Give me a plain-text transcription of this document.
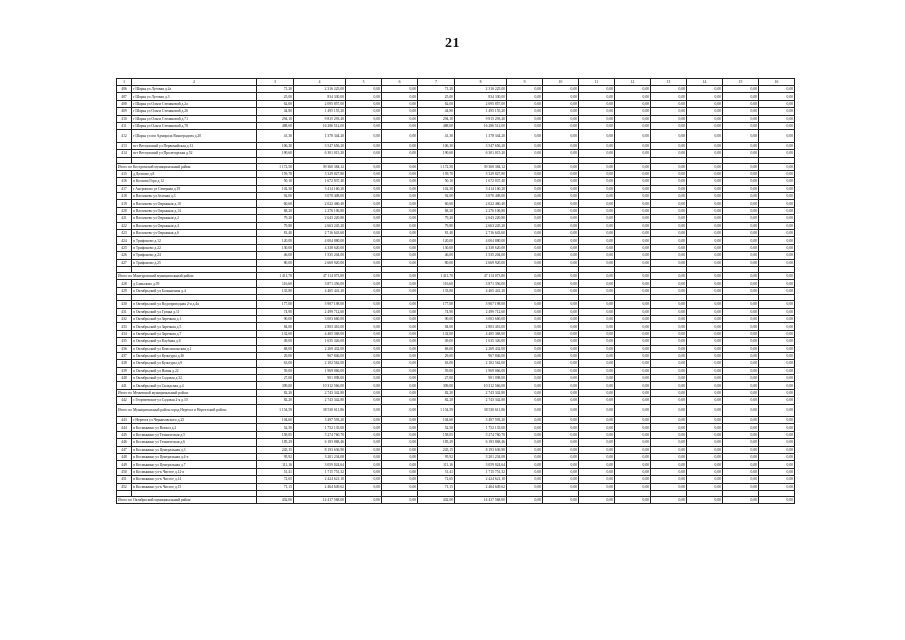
21
1	2	3	4	5	6	7	8	9	10	11	12	13	14	15	16
406	г Шарья ул Луговая д.2а	71,20	2 316 225,00	0,00	0,00	71,20	2 316 225,00	0,00	0,00	0,00	0,00	0,00	0,00	0,00	0,00
407	г Шарья ул Луговая д.3	25,00	834 330,00	0,00	0,00	25,00	834 330,00	0,00	0,00	0,00	0,00	0,00	0,00	0,00	0,00
408	г Шарья ул Ольги Степановой д.2а	62,00	2 095 857,00	0,00	0,00	62,00	2 095 857,00	0,00	0,00	0,00	0,00	0,00	0,00	0,00	0,00
409	г Шарья ул Ольги Степановой д.26	44,80	1 495 155,20	0,00	0,00	44,80	1 495 155,20	0,00	0,00	0,00	0,00	0,00	0,00	0,00	0,00
410	г Шарья ул Ольги Степановой д.71	294,10	9 815 293,40	0,00	0,00	294,10	9 815 293,40	0,00	0,00	0,00	0,00	0,00	0,00	0,00	0,00
411	г Шарья ул Ольги Степановой д.78	488,00	16 286 512,00	0,00	0,00	488,00	16 286 512,00	0,00	0,00	0,00	0,00	0,00	0,00	0,00	0,00
412	г Шарья ул им Адмирала Виноградова д.20	41,30	1 378 344,20	0,00	0,00	41,30	1 378 344,20	0,00	0,00	0,00	0,00	0,00	0,00	0,00	0,00
413	пгт Ветлужский ул Первомайская д.31	106,30	3 547 656,20	0,00	0,00	106,30	3 547 656,20	0,00	0,00	0,00	0,00	0,00	0,00	0,00	0,00
414	пгт Ветлужский ул Пролетарская д.52	190,60	6 301 015,20	0,00	0,00	190,60	6 301 015,20	0,00	0,00	0,00	0,00	0,00	0,00	0,00	0,00

Итого по Костромской муниципальный район:		1 172,50	39 360 384,12	0,00	0,00	1 172,50	39 360 384,12	0,00	0,00	0,00	0,00	0,00	0,00	0,00	0,00
415	д Долгово д.8	159,70	5 329 827,80	0,00	0,00	159,70	5 329 827,80	0,00	0,00	0,00	0,00	0,00	0,00	0,00	0,00
416	п Козлова Гора д.12	50,10	1 672 037,40	0,00	0,00	50,10	1 672 037,40	0,00	0,00	0,00	0,00	0,00	0,00	0,00	0,00
417	г Антропово ул Северная д.19	102,30	3 414 160,20	0,00	0,00	102,30	3 414 160,20	0,00	0,00	0,00	0,00	0,00	0,00	0,00	0,00
418	п Васильево ул Зеленая д.3	92,00	3 070 408,00	0,00	0,00	92,00	3 070 408,00	0,00	0,00	0,00	0,00	0,00	0,00	0,00	0,00
419	п Васильево ул Овражная д.10	60,60	2 022 460,40	0,00	0,00	60,60	2 022 460,40	0,00	0,00	0,00	0,00	0,00	0,00	0,00	0,00
420	п Васильево ул Овражная д.14	68,20	2 276 106,80	0,00	0,00	68,20	2 276 106,80	0,00	0,00	0,00	0,00	0,00	0,00	0,00	0,00
421	п Васильево ул Овражная д.2	79,20	2 643 220,80	0,00	0,00	79,20	2 643 220,80	0,00	0,00	0,00	0,00	0,00	0,00	0,00	0,00
422	п Васильево ул Овражная д.4	79,80	2 663 245,20	0,00	0,00	79,80	2 663 245,20	0,00	0,00	0,00	0,00	0,00	0,00	0,00	0,00
423	п Васильево ул Овражная д.6	81,40	2 716 643,60	0,00	0,00	81,40	2 716 643,60	0,00	0,00	0,00	0,00	0,00	0,00	0,00	0,00
424	п Трифоново д.12	120,00	4 004 880,00	0,00	0,00	120,00	4 004 880,00	0,00	0,00	0,00	0,00	0,00	0,00	0,00	0,00
425	п Трифоново д.22	130,00	4 338 620,00	0,00	0,00	130,00	4 338 620,00	0,00	0,00	0,00	0,00	0,00	0,00	0,00	0,00
426	п Трифоново д.24	46,00	1 535 204,00	0,00	0,00	46,00	1 535 204,00	0,00	0,00	0,00	0,00	0,00	0,00	0,00	0,00
427	п Трифоново д.25	80,00	2 669 920,00	0,00	0,00	80,00	2 669 920,00	0,00	0,00	0,00	0,00	0,00	0,00	0,00	0,00

Итого по Мантуровский муниципальный район:		1 411,70	47 114 073,80	0,00	0,00	1 411,70	47 114 073,80	0,00	0,00	0,00	0,00	0,00	0,00	0,00	0,00
428	д Самылово д.59	116,60	3 871 356,00	0,00	0,00	116,60	3 871 356,00	0,00	0,00	0,00	0,00	0,00	0,00	0,00	0,00
429	п Октябрьский ул Больничная д.4	133,80	4 465 441,20	0,00	0,00	133,80	4 465 441,20	0,00	0,00	0,00	0,00	0,00	0,00	0,00	0,00

430	п Октябрьский ул Водопроводная 2-я д.4а	177,00	5 907 198,00	0,00	0,00	177,00	5 907 198,00	0,00	0,00	0,00	0,00	0,00	0,00	0,00	0,00
431	п Октябрьский ул Гуляка д.11	74,90	2 499 712,60	0,00	0,00	74,90	2 499 712,60	0,00	0,00	0,00	0,00	0,00	0,00	0,00	0,00
432	п Октябрьский ул Заречная д.1	90,00	3 003 660,00	0,00	0,00	90,00	3 003 660,00	0,00	0,00	0,00	0,00	0,00	0,00	0,00	0,00
433	п Октябрьский ул Заречная д.5	84,00	2 803 416,00	0,00	0,00	84,00	2 803 416,00	0,00	0,00	0,00	0,00	0,00	0,00	0,00	0,00
434	п Октябрьский ул Заречная д.7	132,00	4 405 368,00	0,00	0,00	132,00	4 405 368,00	0,00	0,00	0,00	0,00	0,00	0,00	0,00	0,00
435	п Октябрьский ул Клубная д.6	49,00	1 635 326,00	0,00	0,00	49,00	1 635 326,00	0,00	0,00	0,00	0,00	0,00	0,00	0,00	0,00
436	п Октябрьский ул Комсомольская д.1	68,00	2 269 432,00	0,00	0,00	68,00	2 269 432,00	0,00	0,00	0,00	0,00	0,00	0,00	0,00	0,00
437	п Октябрьский ул Культуры д.36	29,00	967 846,00	0,00	0,00	29,00	967 846,00	0,00	0,00	0,00	0,00	0,00	0,00	0,00	0,00
438	п Октябрьский ул Культуры д.9	63,00	2 102 562,00	0,00	0,00	63,00	2 102 562,00	0,00	0,00	0,00	0,00	0,00	0,00	0,00	0,00
439	п Октябрьский ул Новая д.22	59,00	1 969 066,00	0,00	0,00	59,00	1 969 066,00	0,00	0,00	0,00	0,00	0,00	0,00	0,00	0,00
440	п Октябрьский ул Садовая д.32	27,00	901 098,00	0,00	0,00	27,00	901 098,00	0,00	0,00	0,00	0,00	0,00	0,00	0,00	0,00
441	п Октябрьский ул Складская д.4	309,00	10 312 566,00	0,00	0,00	309,00	10 312 566,00	0,00	0,00	0,00	0,00	0,00	0,00	0,00	0,00
Итого по Межевской муниципальный район:		82,20	2 743 342,80	0,00	0,00	82,20	2 743 342,80	0,00	0,00	0,00	0,00	0,00	0,00	0,00	0,00
442	с Георгиевское ул Садовая 2-я д.10	82,20	2 743 342,80	0,00	0,00	82,20	2 743 342,80	0,00	0,00	0,00	0,00	0,00	0,00	0,00	0,00
Итого по Муниципальный район город Нерехта и Нерехтский район:		1 154,59	38 530 611,86	0,00	0,00	1 154,59	38 530 611,86	0,00	0,00	0,00	0,00	0,00	0,00	0,00	0,00
443	г Нерехта ул Черняховского д.25	104,60	3 497 593,20	0,00	0,00	104,60	3 497 593,20	0,00	0,00	0,00	0,00	0,00	0,00	0,00	0,00
444	п Космынино ул Вокзал д.2	52,50	1 752 135,00	0,00	0,00	52,50	1 752 135,00	0,00	0,00	0,00	0,00	0,00	0,00	0,00	0,00
445	п Космынино ул Техническая д.5	158,05	5 274 760,70	0,00	0,00	158,05	5 274 760,70	0,00	0,00	0,00	0,00	0,00	0,00	0,00	0,00
446	п Космынино ул Техническая д.6	185,29	6 183 868,46	0,00	0,00	185,29	6 183 868,46	0,00	0,00	0,00	0,00	0,00	0,00	0,00	0,00
447	п Космынино ул Центральная д.3	245,15	8 193 636,90	0,00	0,00	245,15	8 193 636,90	0,00	0,00	0,00	0,00	0,00	0,00	0,00	0,00
448	п Космынино ул Центральная д.4-а	95,92	3 201 234,08	0,00	0,00	95,92	3 201 234,08	0,00	0,00	0,00	0,00	0,00	0,00	0,00	0,00
449	п Космынино ул Центральная д.7	111,16	3 059 024,64	0,00	0,00	111,16	3 059 024,64	0,00	0,00	0,00	0,00	0,00	0,00	0,00	0,00
450	п Космынино ул-к Чистое д.12-а	51,41	1 715 751,32	0,00	0,00	51,41	1 715 751,32	0,00	0,00	0,00	0,00	0,00	0,00	0,00	0,00
451	п Космынино ул-к Чистое д.14	72,65	2 424 621,10	0,00	0,00	72,65	2 424 621,10	0,00	0,00	0,00	0,00	0,00	0,00	0,00	0,00
452	п Космынино ул-к Чистое д.15	71,15	2 464 649,62	0,00	0,00	71,15	2 464 649,62	0,00	0,00	0,00	0,00	0,00	0,00	0,00	0,00

Итого по Октябрьский муниципальный район:		432,00	14 417 568,00	0,00	0,00	432,00	14 417 568,00	0,00	0,00	0,00	0,00	0,00	0,00	0,00	0,00
